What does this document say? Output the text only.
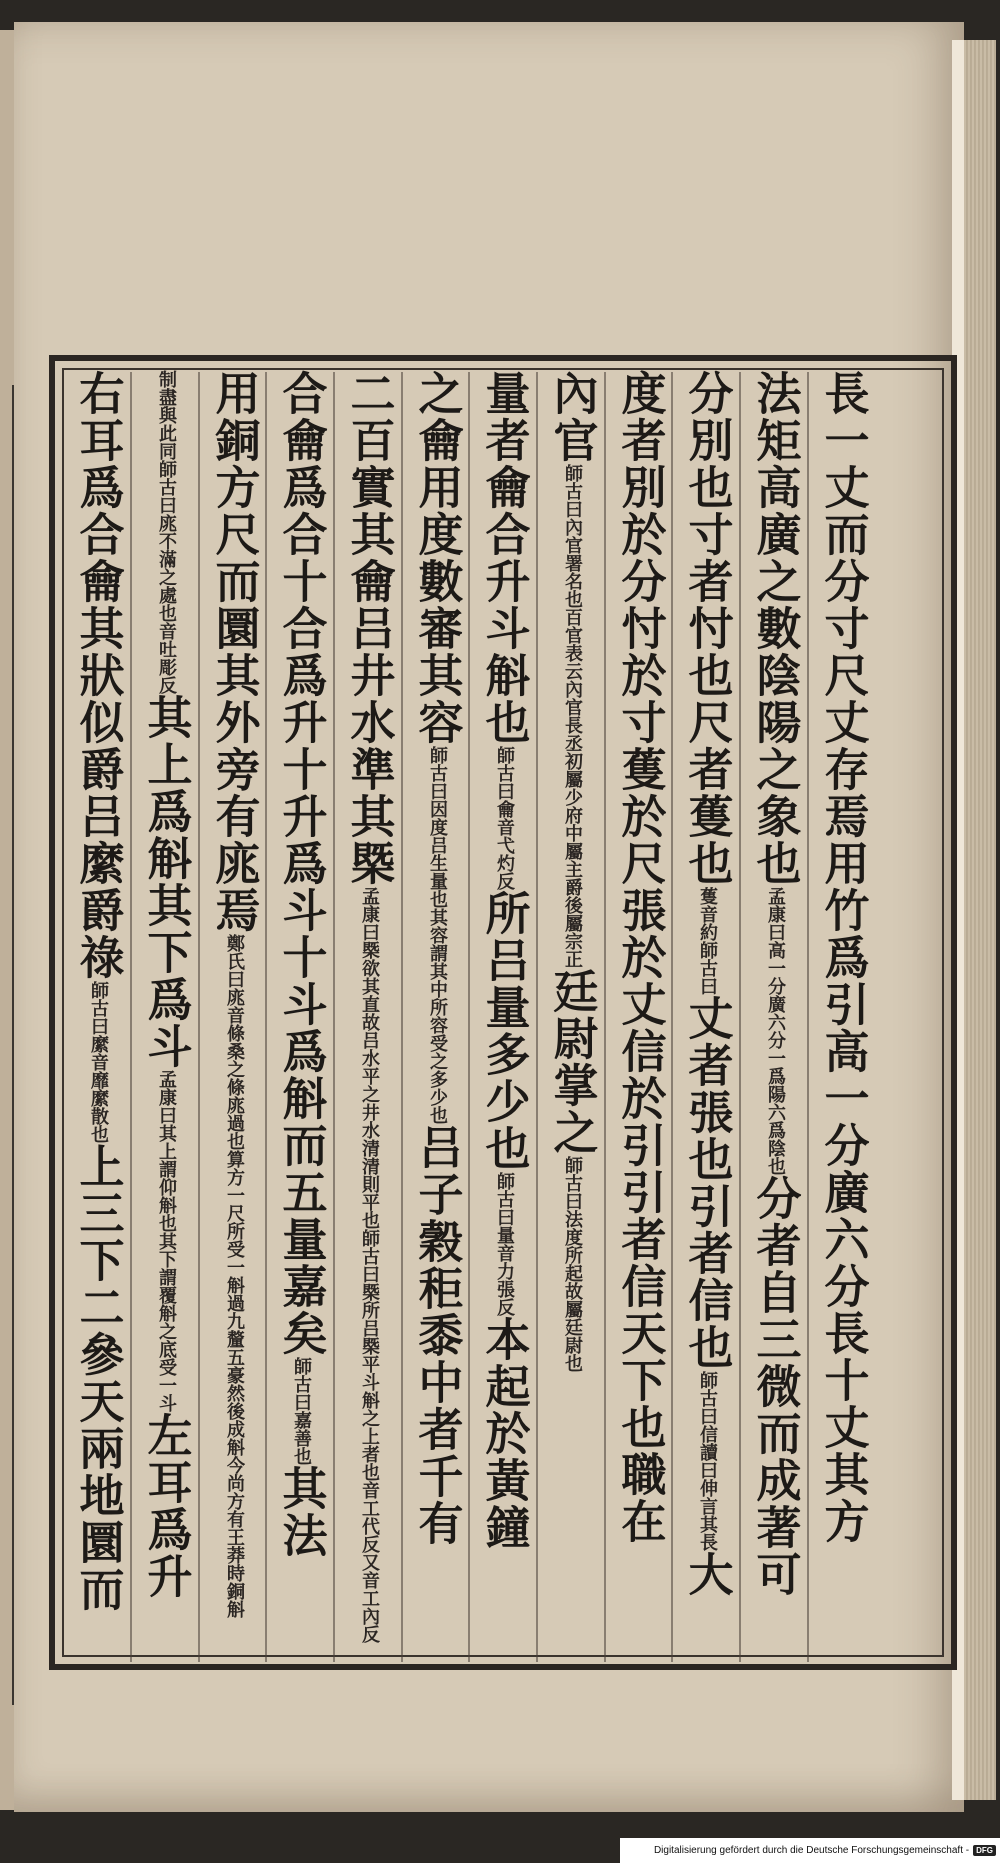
長一丈而分寸尺丈存焉用竹爲引高一分廣六分長十丈其方
法矩高廣之數陰陽之象也
孟康曰高一分廣六分一爲陽六爲陰也
分者自三微而成著可
分別也寸者忖也尺者蒦也
蒦音約
師古曰
丈者張也引者信也
師古曰信讀曰伸言其長
大
度者別於分忖於寸蒦於尺張於丈信於引引者信天下也職在
內官
師古曰內官署名也百官表云內官長丞初屬少府中屬主爵後屬宗正
廷尉掌之
師古曰法度所起故屬廷尉也
量者龠合升斗斛也
師古曰龠音弋灼反
所吕量多少也
師古曰量音力張反
本起於黃鐘
之龠用度數審其容
師古曰因度吕生量也其容謂其中所容受之多少也
吕子穀秬黍中者千有
二百實其龠吕井水準其槩
孟康曰槩欲其直故吕水平之井水清清則平也師古曰槩所吕槩平斗斛之上者也音工代反又音工內反
合龠爲合十合爲升十升爲斗十斗爲斛而五量嘉矣
師古曰嘉善也
其法
用銅方尺而圜其外旁有庣焉
鄭氏曰庣音條桑之條庣過也算方一尺所受一斛過九釐五豪然後成斛今尚方有王莽時銅斛
制盡與此同師古曰庣不滿之處也音吐彫反
其上爲斛其下爲斗
孟康曰其上謂仰斛也其下謂覆斛之底受一斗
左耳爲升
右耳爲合龠其狀似爵吕縻爵祿
師古曰縻音靡縻散也
上三下二參天兩地圜而
Digitalisierung gefördert durch die Deutsche Forschungsgemeinschaft - DFG
